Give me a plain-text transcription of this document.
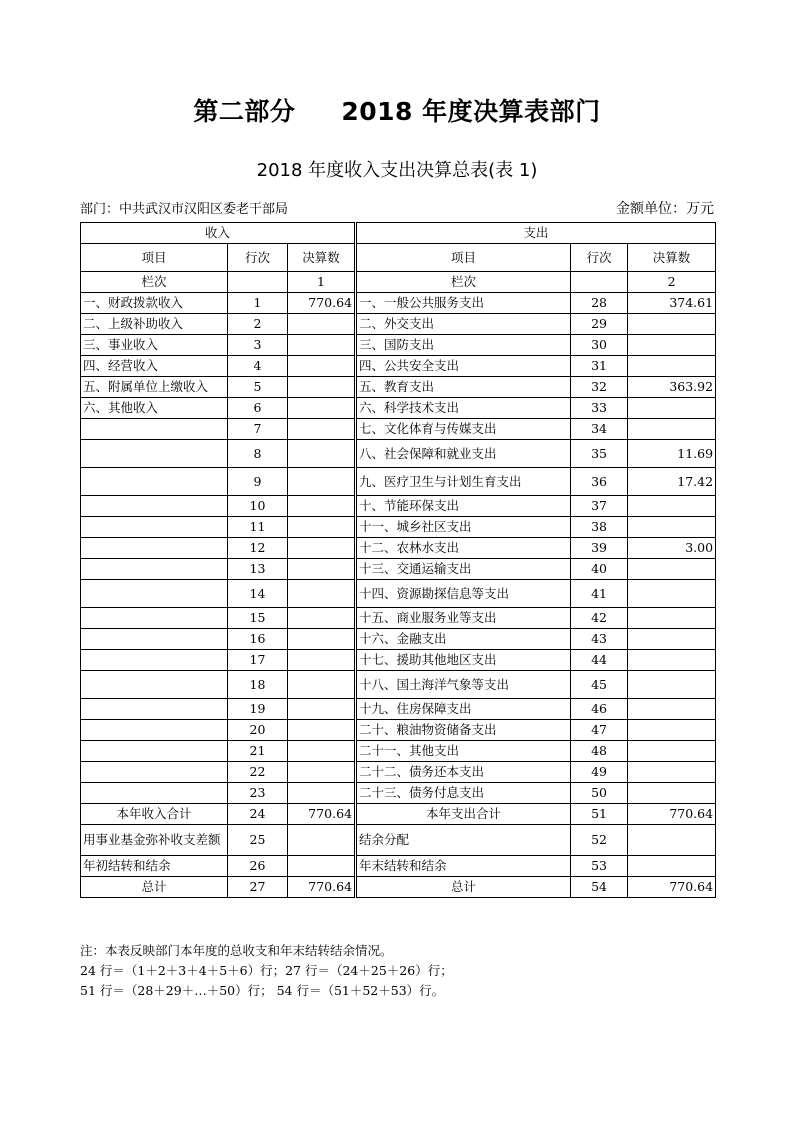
第二部分     2018 年度决算表部门
2018 年度收入支出决算总表(表 1)
部门：中共武汉市汉阳区委老干部局	金额单位：万元
收入			支出		
项目	行次	决算数	项目	行次	决算数
栏次		1	栏次		2
一、财政拨款收入	1	770.64	一、一般公共服务支出	28	374.61
二、上级补助收入	2		二、外交支出	29	
三、事业收入	3		三、国防支出	30	
四、经营收入	4		四、公共安全支出	31	
五、附属单位上缴收入	5		五、教育支出	32	363.92
六、其他收入	6		六、科学技术支出	33	
	7		七、文化体育与传媒支出	34	
	8		八、社会保障和就业支出	35	11.69
	9		九、医疗卫生与计划生育支出	36	17.42
	10		十、节能环保支出	37	
	11		十一、城乡社区支出	38	
	12		十二、农林水支出	39	3.00
	13		十三、交通运输支出	40	
	14		十四、资源勘探信息等支出	41	
	15		十五、商业服务业等支出	42	
	16		十六、金融支出	43	
	17		十七、援助其他地区支出	44	
	18		十八、国土海洋气象等支出	45	
	19		十九、住房保障支出	46	
	20		二十、粮油物资储备支出	47	
	21		二十一、其他支出	48	
	22		二十二、债务还本支出	49	
	23		二十三、债务付息支出	50	
本年收入合计	24	770.64	本年支出合计	51	770.64
用事业基金弥补收支差额	25		结余分配	52	
年初结转和结余	26		年末结转和结余	53	
总计	27	770.64	总计	54	770.64
注：本表反映部门本年度的总收支和年末结转结余情况。
24 行＝（1＋2＋3＋4＋5＋6）行；27 行＝（24＋25＋26）行；
51 行＝（28＋29＋…＋50）行； 54 行＝（51＋52＋53）行。
